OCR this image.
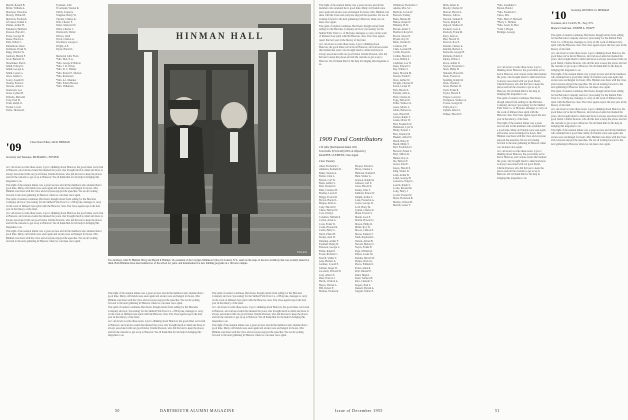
Merrill, Roland B.
Miller, William A.
Morrison, Theodore
Mosely, Willard H.
Murdoch, Frederick
O'Connor, Daniel S.
Palmer, Arthur H.
Parkinson, Hubbard
Pearson, Harold C.
Porter, George H.
Reese, Harold A.
Rich, Walter C.
Richardson, Dean
Robinson, Frank N.
Rugg, Charles W.
Sanborn, Harold F.
Scott, Bernard W.
Shoemaker, Paul L.
Smith, Edward J.
Smith, George A.
Smith, Lester G.
Snow, Arthur C.
Soucy, Joseph W.
Stearns, Ernest J.
Stevens, Allan L.
Sturtevant, Lee
Stone, Lyman H.
Tibbetts, Malcolm
Toby, Pred H.
Trask, Ralph O.
Tucker, Lou P.
Tuttle, Thomas R.
Tyzzaner, John
Trowmann, Warren R.
Ulrich, Clarence
Vaughan, Henry W.
Vincent, Charles K.
Wait, Chester F.
Weiss, Maxwell W.
Wells, Charles C.
Wentworth, Walter
Wilcox, Orell
Wood, Charles A.
Woodbury, George C.
Wright, A.E.
Wyatt, Harold L.
Memorial Gifts From
*Mrs. Holt, E.A.
*Mrs. George P. Burton
*Mrs. J. D. Oliver
*Mrs. D. C. Hadley
*Mrs. Robert E. Shelton
*Mrs. Robertson
*Mrs. A.J. Meunier
*Mrs. Edwin Bowser
*Mrs. Wilkinson
HINMAN HALL
Foto Arts
Two brothers, John H. Hinman '09 (l) and Harold P. Hinman '16, president of the Carrigan Wilkinson School in Carmel, N.Y., stand on the steps of the new dormitory that was recently named for them. Both Hinmans have been benefactors of the school for years, and instrumental in a new building program on a 100-acre campus.
'09	Class Notes Editor, JACK HINMAN
Secretary and Treasurer, RICHARD C. FOSTER

At 1 am down as write these notes. I got to thinking about Hanover, the good times we've had at Hanover, and various events that marked the years. Our brought much to mind and more is always associated with our good friend, Charlie Pearson, who did his best to keep the places and tell the customs to get as up to Hanover. We all thank him for his help in bringing this magazine to us.

The night of the reunion dinner was a great success and all the members who attended had a good time. Many old friends were seen again and stories were exchanged for hours. Mrs. Hinman was there with the Class and everyone enjoyed the speeches. We are all looking forward to the next gathering in Hanover when we can meet once again.

The spirit of reunion continues. Bert Kent, though retired from selling for the Hercules Company and now 'processing' for the Skilled Falls Trust Co. of Holyoke, manages to carry on the work of Imbued class spirit with the Hanover class. The Class agents report the best year in the history of the fund.

At 1 am down as write these notes. I got to thinking about Hanover, the good times we've had at Hanover, and various events that marked the years. Our brought much to mind and more is always associated with our good friend, Charlie Pearson, who did his best to keep the places and tell the customs to get as up to Hanover. We all thank him for his help in bringing this magazine to us.

The night of the reunion dinner was a great success and all the members who attended had a good time. Many old friends were seen again and stories were exchanged for hours. Mrs. Hinman was there with the Class and everyone enjoyed the speeches. We are all looking forward to the next gathering in Hanover when we can meet once again.

The night of the reunion dinner was a great success and all the members who attended had a good time. Many old friends were seen again and stories were exchanged for hours. Mrs. Hinman was there with the Class and everyone enjoyed the speeches. We are all looking forward to the next gathering in Hanover when we can meet once again.

The spirit of reunion continues. Bert Kent, though retired from selling for the Hercules Company and now 'processing' for the Skilled Falls Trust Co. of Holyoke, manages to carry on the work of Imbued class spirit with the Hanover class. The Class agents report the best year in the history of the fund.

At 1 am down as write these notes. I got to thinking about Hanover, the good times we've had at Hanover, and various events that marked the years. Our brought much to mind and more is always associated with our good friend, Charlie Pearson, who did his best to keep the places and tell the customs to get as up to Hanover. We all thank him for his help in bringing this magazine to us.

The spirit of reunion continues. Bert Kent, though retired from selling for the Hercules Company and now 'processing' for the Skilled Falls Trust Co. of Holyoke, manages to carry on the work of Imbued class spirit with the Hanover class. The Class agents report the best year in the history of the fund.

At 1 am down as write these notes. I got to thinking about Hanover, the good times we've had at Hanover, and various events that marked the years. Our brought much to mind and more is always associated with our good friend, Charlie Pearson, who did his best to keep the places and tell the customs to get as up to Hanover. We all thank him for his help in bringing this magazine to us.

The night of the reunion dinner was a great success and all the members who attended had a good time. Many old friends were seen again and stories were exchanged for hours. Mrs. Hinman was there with the Class and everyone enjoyed the speeches. We are all looking forward to the next gathering in Hanover when we can meet once again.

50	DARTMOUTH ALUMNI MAGAZINE

The night of the reunion dinner was a great success and all the members who attended had a good time. Many old friends were seen again and stories were exchanged for hours. Mrs. Hinman was there with the Class and everyone enjoyed the speeches. We are all looking forward to the next gathering in Hanover when we can meet once again.

The spirit of reunion continues. Bert Kent, though retired from selling for the Hercules Company and now 'processing' for the Skilled Falls Trust Co. of Holyoke, manages to carry on the work of Imbued class spirit with the Hanover class. The Class agents report the best year in the history of the fund.

At 1 am down as write these notes. I got to thinking about Hanover, the good times we've had at Hanover, and various events that marked the years. Our brought much to mind and more is always associated with our good friend, Charlie Pearson, who did his best to keep the places and tell the customs to get as up to Hanover. We all thank him for his help in bringing this magazine to us.

1909 Fund Contributors
132 Gifts (Participation Index 105)
Total Gifts: $7,612.48 (100% of Objective)
RALPH B. CLEMENT, Class Agent
Class Treasury
Allen, Frederick C.
Atkinson, Kenneth R.
Baker, Warren A.
Barber, John L.
Barrett, Carl W.
Bates, Arthur S.
Beal, Donald O.
Blair, Clarence H.
Bradley, Lewis P.
Briggs, Forrest R.
Brown, Harold L.
Burpee, Allan G.
Cady, Harold D.
Chase, Herbert W.
Cole, Irving J.
Coleman, William P.
Colton, Alvin G.
Cook, Frank W.
Crane, Howard R.
Curtis, Harry C.
Davis, Elmer H.
Dodge, Alan W.
Dunning, Arthur F.
Eastman, Henry B.
Emerson, George L.
Fisher, Ralph E.
Foster, Richard C.
French, Walter T.
Gale, Herbert A.
Gardner, Lowell E.
Gilman, Roger D.
Goodwin, Edward H.
Gray, Albert N.
Hale, Francis J.
Harris, Clifford A.
Hayes, Warren L.
Hill, Robert E.
Holmes, Frederick
Hooper, Edwin S.
Howe, Chester J.
Hubbard, Nathan P.
Hunt, Walter G.
Jackson, Ralph M.
Johnson, Carl E.
Jones, Harold S.
Kelley, John T.
Kimball, Ernest W.
Knight, Arthur L.
Lane, Frederick A.
Lewis, George D.
Lord, Harry M.
Lyman, Charles P.
Mann, Everett S.
Marsh, Leon F.
Martin, Howard J.
Mason, Philip R.
Miller, Roy W.
Moore, Clinton E.
Morse, Samuel T.
Nash, Raymond L.
Nelson, Alfred B.
Newell, Herbert C.
Noyes, Frank H.
Page, William R.
Parker, Lester M.
Perkins, Harold W.
Phelps, David A.
Pierce, Edmund J.
Potter, Allen R.
Pratt, Russell E.
Rand, Hugh L.
Reed, Wallace H.
Rice, Clement T.
Rogers, Paul S.
Russell, Harold A.
Sargent, Walter E.
Wilkinson, Frederick C.
Adams, Mrs. S.C.
Baldwin, Lewis W.
Bascom, Stanley
Bates, Helene M.
Bisbee, Ralph W.
Blakeley, H.W.
Bowen, Albert T.
Bradford, Royal D.
Brown, Stuart N.
Bryant, Roy W.
Buck, Charles D.
Carleton, F.P.
Clark, Leonard H.
Coffin, Ernest K.
Collins, Harold J.
Cross, Phillip S.
Cushman, Lee W.
Dana, Edward S.
Day, Wilbur T.
Dean, Howard M.
Downs, Frank E.
Drew, Arthur W.
Dwight, Charles H.
Eaton, Lionel W.
Ellis, Harold S.
Farnum, John A.
Field, Charles R.
Fogg, Herbert E.
Fuller, Wallace O.
Gates, Morris L.
Gibbs, Herbert A.
Goss, Harold B.
Graves, Ralph T.
Green, Oliver W.
Hall, Frederick W.
Hammond, Lyle W.
Hardy, Everett J.
Hart, Charles M.
Haskell, Alfred N.
Hatch, Harry P.
Heath, Philip T.
Holt, Frederick D.
Howard, Ernest L.
Hoyt, Milton R.
Hunter, Roy A.
Ide, Herbert F.
Jewett, Paul E.
Keyes, Harold P.
King, Walter D.
Ladd, Arthur B.
Lamb, George H.
Lawrence, Edgar L.
Leavitt, Ralph S.
Locke, Russell M.
Long, Harry J.
Lovell, Everett W.
Mack, Frederick B.
Marble, Clinton H.
Merrill, Lester T.
Mills, Albert R.
Moody, Charles W.
Morton, Harold L.
Munroe, John A.
Newton, Samuel E.
Norris, Ralph D.
Osgood, Wallace P.
Packard, Leon A.
Peabody, Frank M.
Perry, Allen G.
Pike, Harold W.
Prescott, Roy E.
Putnam, Chester A.
Randall, Herbert L.
Reynolds, George B.
Richards, Edwin T.
Ripley, Walter J.
Rowe, Arthur N.
Sawyer, Frederick C.
Shaw, Philip H.
Simonds, Harold R.
Slade, Everett A.
Spalding, Ralph M.
Stark, Charles L.
Stone, Herbert W.
Swift, Frank R.
Taylor, Harold E.
Thayer, Lewis D.
Thompson, Wallace A.
Towne, George M.
Tuttle, Roy C.
Upham, Albert J.
Walker, Harold N.
*Mrs. Josephine C.
Barton, Harold
*Mrs. Frederick C.
Chace, Mrs.
*Mrs. Harry F. Hartwell
*Harry C. Holmes
*Mrs. Lewis D. Hart
*John J. Hogan
Bolinger, George
'10 Secretary, RUSSELL D. MERIAM
Treasurer, ALL CLASS, FL. Troy, N.Y.
Bequest Chairman, JOSEPH A. WOLFF

The spirit of reunion continues. Bert Kent, though retired from selling for the Hercules Company and now 'processing' for the Skilled Falls Trust Co. of Holyoke, manages to carry on the work of Imbued class spirit with the Hanover class. The Class agents report the best year in the history of the fund.

At 1 am down as write these notes. I got to thinking about Hanover, the good times we've had at Hanover, and various events that marked the years. Our brought much to mind and more is always associated with our good friend, Charlie Pearson, who did his best to keep the places and tell the customs to get as up to Hanover. We all thank him for his help in bringing this magazine to us.

The night of the reunion dinner was a great success and all the members who attended had a good time. Many old friends were seen again and stories were exchanged for hours. Mrs. Hinman was there with the Class and everyone enjoyed the speeches. We are all looking forward to the next gathering in Hanover when we can meet once again.

The spirit of reunion continues. Bert Kent, though retired from selling for the Hercules Company and now 'processing' for the Skilled Falls Trust Co. of Holyoke, manages to carry on the work of Imbued class spirit with the Hanover class. The Class agents report the best year in the history of the fund.

At 1 am down as write these notes. I got to thinking about Hanover, the good times we've had at Hanover, and various events that marked the years. Our brought much to mind and more is always associated with our good friend, Charlie Pearson, who did his best to keep the places and tell the customs to get as up to Hanover. We all thank him for his help in bringing this magazine to us.

The night of the reunion dinner was a great success and all the members who attended had a good time. Many old friends were seen again and stories were exchanged for hours. Mrs. Hinman was there with the Class and everyone enjoyed the speeches. We are all looking forward to the next gathering in Hanover when we can meet once again.

At 1 am down as write these notes. I got to thinking about Hanover, the good times we've had at Hanover, and various events that marked the years. Our brought much to mind and more is always associated with our good friend, Charlie Pearson, who did his best to keep the places and tell the customs to get as up to Hanover. We all thank him for his help in bringing this magazine to us.

The spirit of reunion continues. Bert Kent, though retired from selling for the Hercules Company and now 'processing' for the Skilled Falls Trust Co. of Holyoke, manages to carry on the work of Imbued class spirit with the Hanover class. The Class agents report the best year in the history of the fund.

The night of the reunion dinner was a great success and all the members who attended had a good time. Many old friends were seen again and stories were exchanged for hours. Mrs. Hinman was there with the Class and everyone enjoyed the speeches. We are all looking forward to the next gathering in Hanover when we can meet once again.

At 1 am down as write these notes. I got to thinking about Hanover, the good times we've had at Hanover, and various events that marked the years. Our brought much to mind and more is always associated with our good friend, Charlie Pearson, who did his best to keep the places and tell the customs to get as up to Hanover. We all thank him for his help in bringing this magazine to us.

Issue of December 1955	51
